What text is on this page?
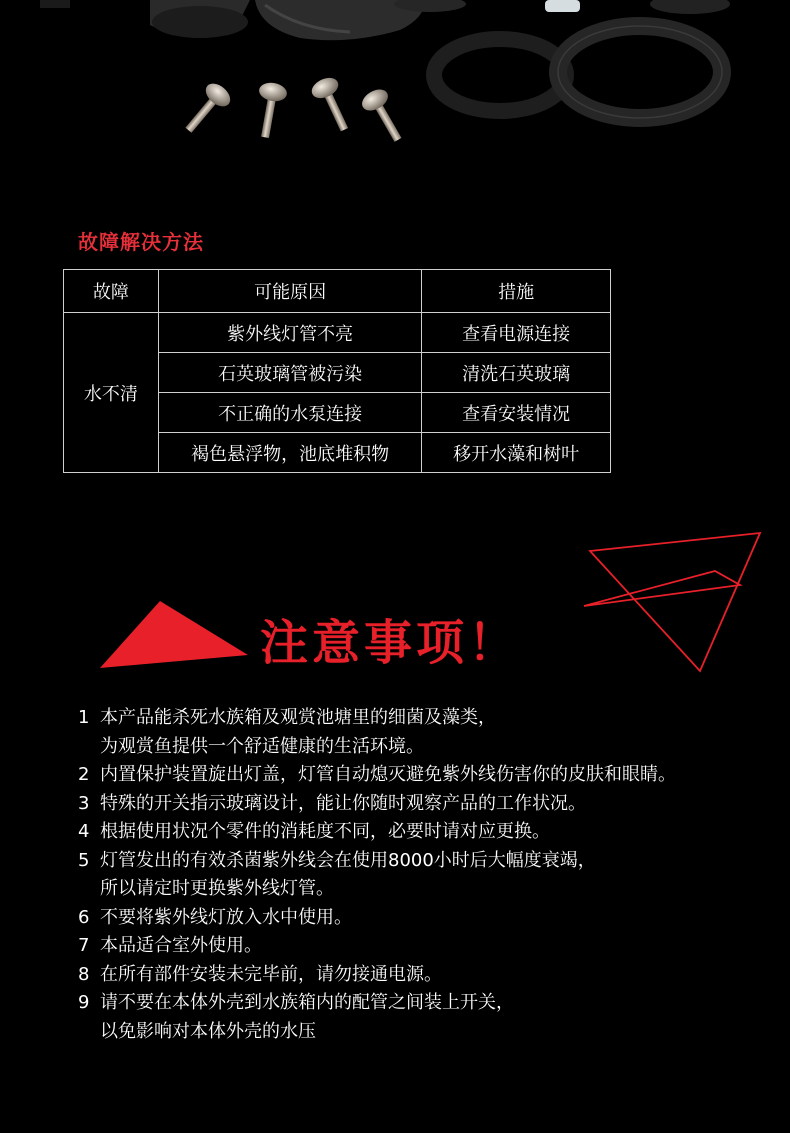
故障解决方法
故障	可能原因	措施
水不清	紫外线灯管不亮	查看电源连接
	石英玻璃管被污染	清洗石英玻璃
	不正确的水泵连接	查看安装情况
	褐色悬浮物，池底堆积物	移开水藻和树叶
注意事项！
1 本产品能杀死水族箱及观赏池塘里的细菌及藻类，
为观赏鱼提供一个舒适健康的生活环境。
2 内置保护装置旋出灯盖，灯管自动熄灭避免紫外线伤害你的皮肤和眼睛。
3 特殊的开关指示玻璃设计，能让你随时观察产品的工作状况。
4 根据使用状况个零件的消耗度不同，必要时请对应更换。
5 灯管发出的有效杀菌紫外线会在使用8000小时后大幅度衰竭，
所以请定时更换紫外线灯管。
6 不要将紫外线灯放入水中使用。
7 本品适合室外使用。
8 在所有部件安装未完毕前，请勿接通电源。
9 请不要在本体外壳到水族箱内的配管之间装上开关，
以免影响对本体外壳的水压
